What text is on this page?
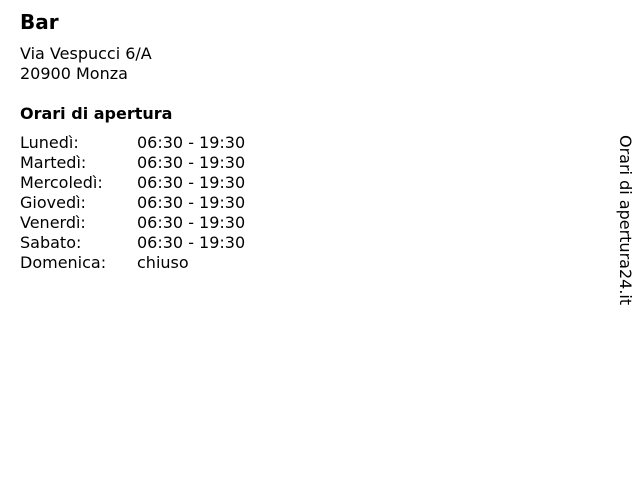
Bar
Via Vespucci 6/A
20900 Monza
Orari di apertura
Lunedì:	06:30 - 19:30
Martedì:	06:30 - 19:30
Mercoledì:	06:30 - 19:30
Giovedì:	06:30 - 19:30
Venerdì:	06:30 - 19:30
Sabato:	06:30 - 19:30
Domenica:	chiuso	Orari di apertura24.it
